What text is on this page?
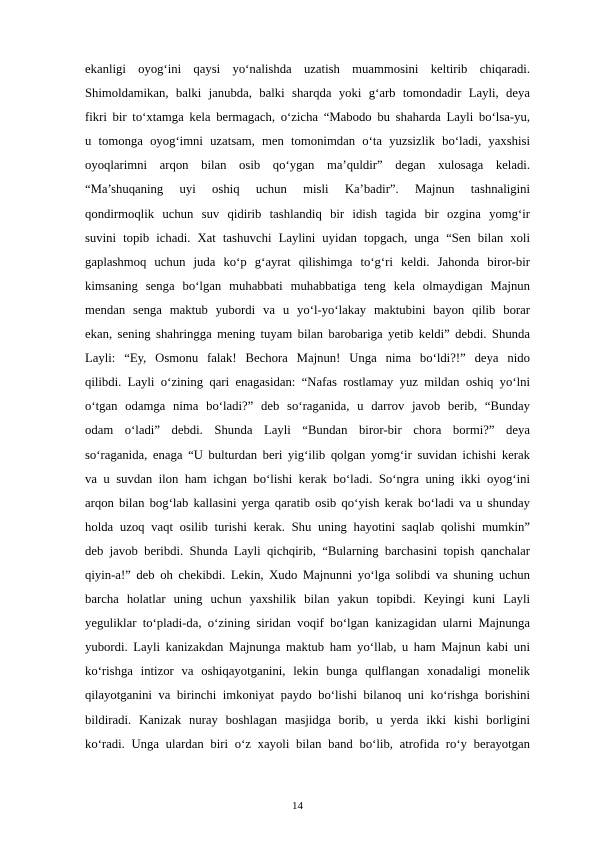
ekanligi oyog‘ini qaysi yo‘nalishda uzatish muammosini keltirib chiqaradi.
Shimoldamikan, balki janubda, balki sharqda yoki g‘arb tomondadir Layli, deya
fikri bir to‘xtamga kela bermagach, o‘zicha “Mabodo bu shaharda Layli bo‘lsa-yu,
u tomonga oyog‘imni uzatsam, men tomonimdan o‘ta yuzsizlik bo‘ladi, yaxshisi
oyoqlarimni arqon bilan osib qo‘ygan ma’quldir” degan xulosaga keladi.
“Ma’shuqaning uyi oshiq uchun misli Ka’badir”. Majnun tashnaligini
qondirmoqlik uchun suv qidirib tashlandiq bir idish tagida bir ozgina yomg‘ir
suvini topib ichadi. Xat tashuvchi Laylini uyidan topgach, unga “Sen bilan xoli
gaplashmoq uchun juda ko‘p g‘ayrat qilishimga to‘g‘ri keldi. Jahonda biror-bir
kimsaning senga bo‘lgan muhabbati muhabbatiga teng kela olmaydigan Majnun
mendan senga maktub yubordi va u yo‘l-yo‘lakay maktubini bayon qilib borar
ekan, sening shahringga mening tuyam bilan barobariga yetib keldi” debdi. Shunda
Layli: “Ey, Osmonu falak! Bechora Majnun! Unga nima bo‘ldi?!” deya nido
qilibdi. Layli o‘zining qari enagasidan: “Nafas rostlamay yuz mildan oshiq yo‘lni
o‘tgan odamga nima bo‘ladi?” deb so‘raganida, u darrov javob berib, “Bunday
odam o‘ladi” debdi. Shunda Layli “Bundan biror-bir chora bormi?” deya
so‘raganida, enaga “U bulturdan beri yig‘ilib qolgan yomg‘ir suvidan ichishi kerak
va u suvdan ilon ham ichgan bo‘lishi kerak bo‘ladi. So‘ngra uning ikki oyog‘ini
arqon bilan bog‘lab kallasini yerga qaratib osib qo‘yish kerak bo‘ladi va u shunday
holda uzoq vaqt osilib turishi kerak. Shu uning hayotini saqlab qolishi mumkin”
deb javob beribdi. Shunda Layli qichqirib, “Bularning barchasini topish qanchalar
qiyin-a!” deb oh chekibdi. Lekin, Xudo Majnunni yo‘lga solibdi va shuning uchun
barcha holatlar uning uchun yaxshilik bilan yakun topibdi. Keyingi kuni Layli
yeguliklar to‘pladi-da, o‘zining siridan voqif bo‘lgan kanizagidan ularni Majnunga
yubordi. Layli kanizakdan Majnunga maktub ham yo‘llab, u ham Majnun kabi uni
ko‘rishga intizor va oshiqayotganini, lekin bunga qulflangan xonadaligi monelik
qilayotganini va birinchi imkoniyat paydo bo‘lishi bilanoq uni ko‘rishga borishini
bildiradi. Kanizak nuray boshlagan masjidga borib, u yerda ikki kishi borligini
ko‘radi. Unga ulardan biri o‘z xayoli bilan band bo‘lib, atrofida ro‘y berayotgan
14
